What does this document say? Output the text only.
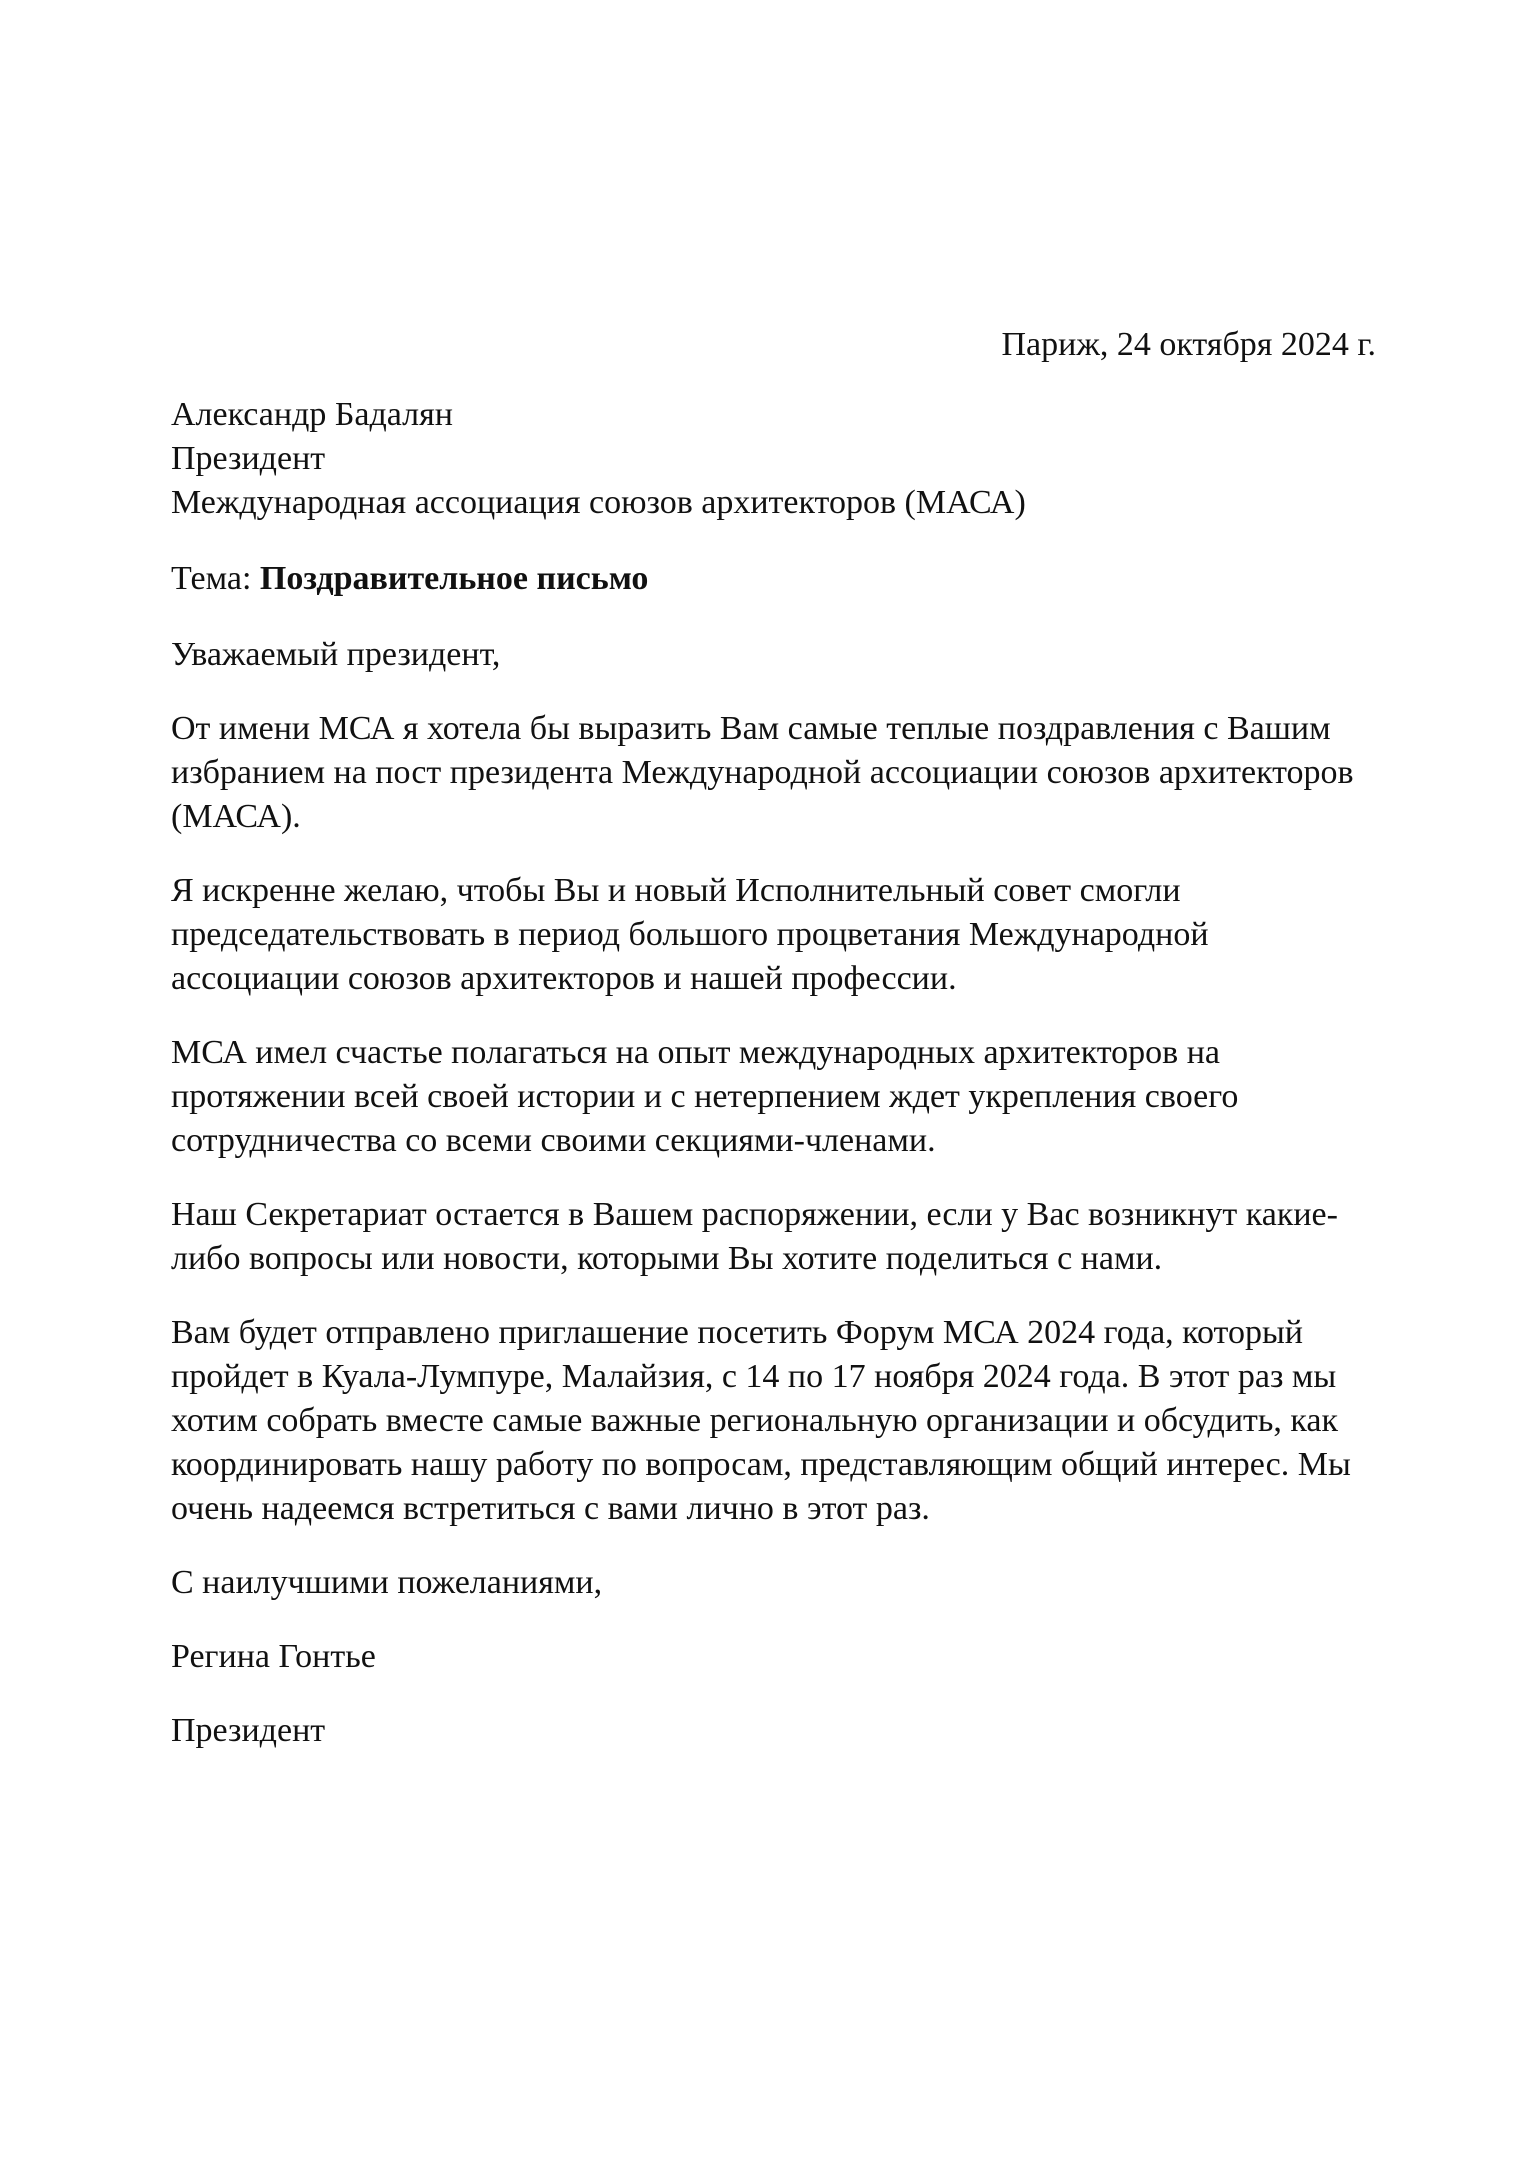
Париж, 24 октября 2024 г.
Александр Бадалян
Президент
Международная ассоциация союзов архитекторов (МАСА)
Тема: Поздравительное письмо

Уважаемый президент,

От имени МСА я хотела бы выразить Вам самые теплые поздравления с Вашим избранием на пост президента Международной ассоциации союзов архитекторов (МАСА).

Я искренне желаю, чтобы Вы и новый Исполнительный совет смогли председательствовать в период большого процветания Международной ассоциации союзов архитекторов и нашей профессии.

МСА имел счастье полагаться на опыт международных архитекторов на протяжении всей своей истории и с нетерпением ждет укрепления своего сотрудничества со всеми своими секциями-членами.

Наш Секретариат остается в Вашем распоряжении, если у Вас возникнут какие-либо вопросы или новости, которыми Вы хотите поделиться с нами.

Вам будет отправлено приглашение посетить Форум МСА 2024 года, который пройдет в Куала-Лумпуре, Малайзия, с 14 по 17 ноября 2024 года. В этот раз мы хотим собрать вместе самые важные региональную организации и обсудить, как координировать нашу работу по вопросам, представляющим общий интерес. Мы очень надеемся встретиться с вами лично в этот раз.

С наилучшими пожеланиями,

Регина Гонтье

Президент
